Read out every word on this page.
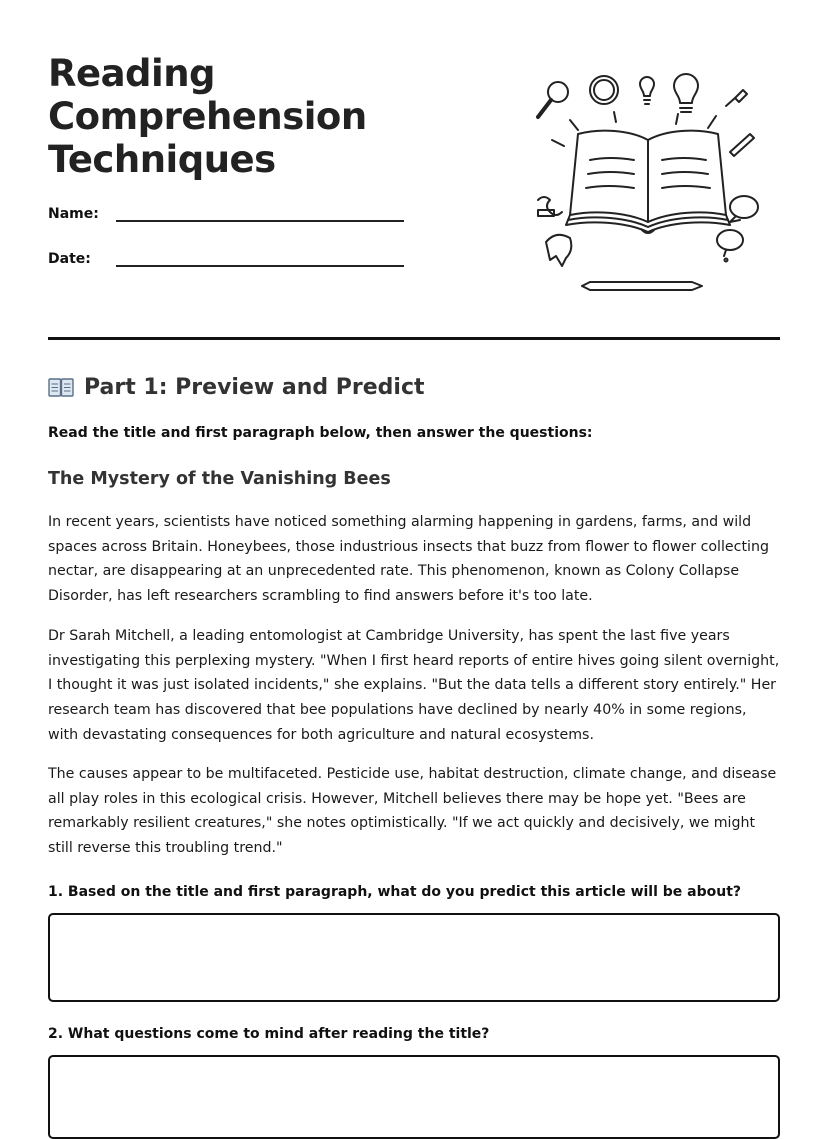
Reading
Comprehension
Techniques
Name:
Date:
Part 1: Preview and Predict
Read the title and first paragraph below, then answer the questions:
The Mystery of the Vanishing Bees

In recent years, scientists have noticed something alarming happening in gardens, farms, and wild spaces across Britain. Honeybees, those industrious insects that buzz from flower to flower collecting nectar, are disappearing at an unprecedented rate. This phenomenon, known as Colony Collapse Disorder, has left researchers scrambling to find answers before it's too late.

Dr Sarah Mitchell, a leading entomologist at Cambridge University, has spent the last five years investigating this perplexing mystery. "When I first heard reports of entire hives going silent overnight, I thought it was just isolated incidents," she explains. "But the data tells a different story entirely." Her research team has discovered that bee populations have declined by nearly 40% in some regions, with devastating consequences for both agriculture and natural ecosystems.

The causes appear to be multifaceted. Pesticide use, habitat destruction, climate change, and disease all play roles in this ecological crisis. However, Mitchell believes there may be hope yet. "Bees are remarkably resilient creatures," she notes optimistically. "If we act quickly and decisively, we might still reverse this troubling trend."

1. Based on the title and first paragraph, what do you predict this article will be about?
2. What questions come to mind after reading the title?
